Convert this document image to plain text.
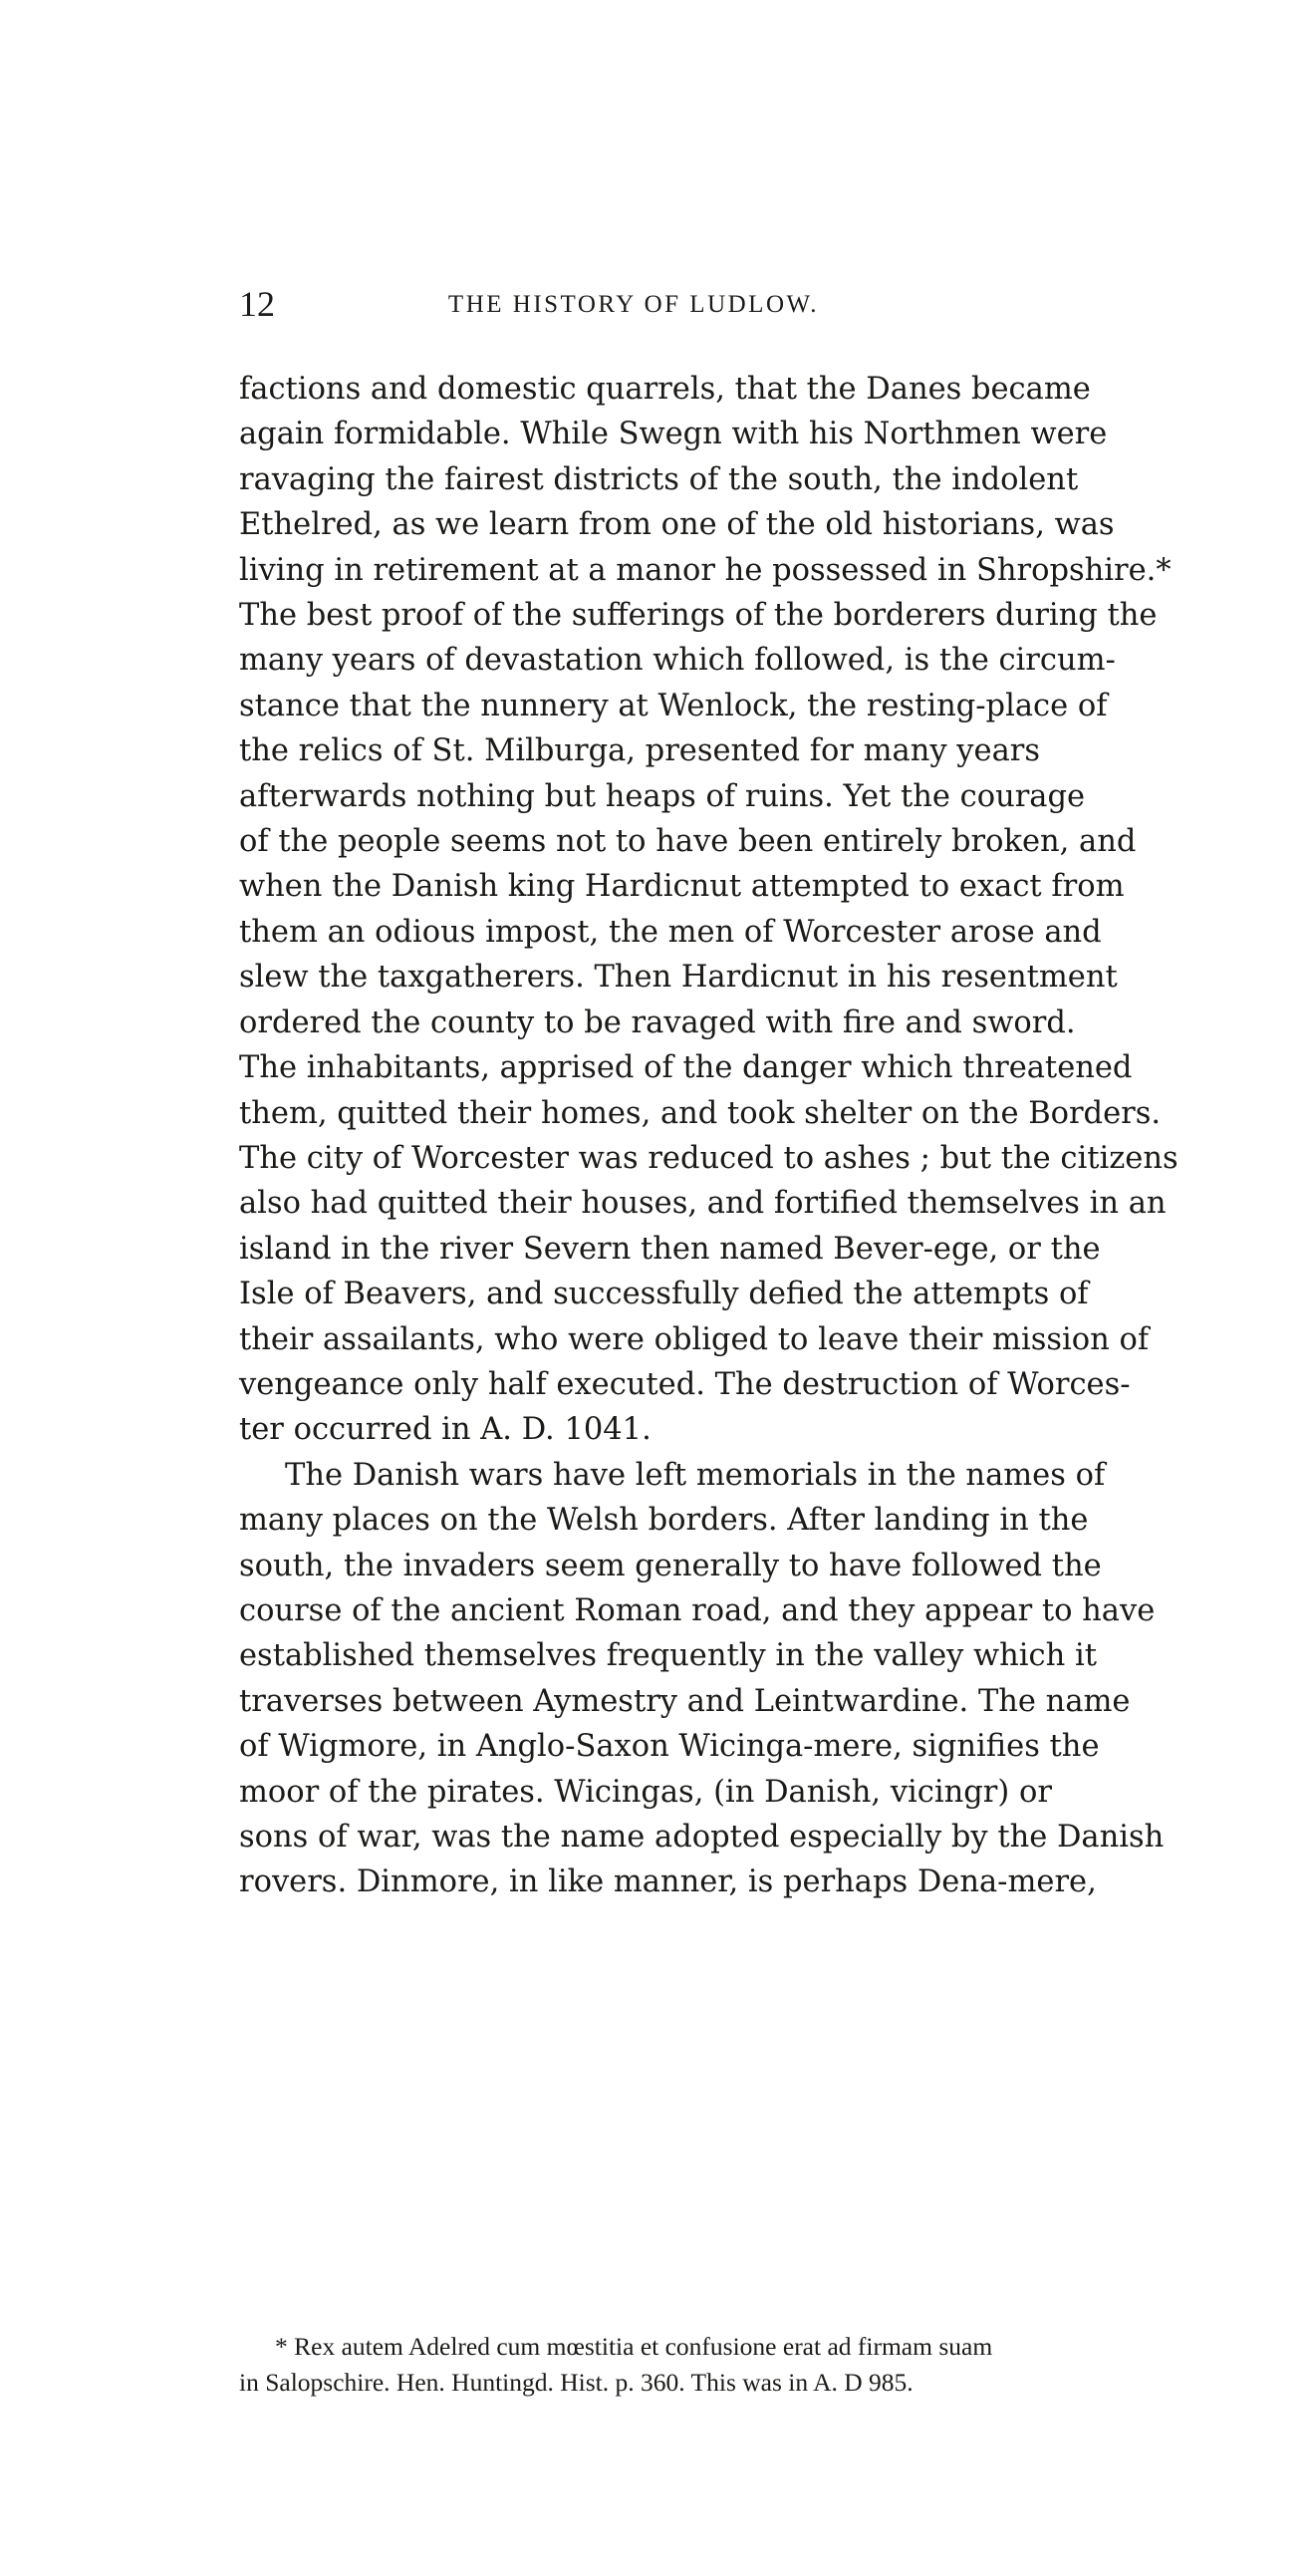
12	THE HISTORY OF LUDLOW.
factions and domestic quarrels, that the Danes became
again formidable. While Swegn with his Northmen were
ravaging the fairest districts of the south, the indolent
Ethelred, as we learn from one of the old historians, was
living in retirement at a manor he possessed in Shropshire.*
The best proof of the sufferings of the borderers during the
many years of devastation which followed, is the circum-
stance that the nunnery at Wenlock, the resting-place of
the relics of St. Milburga, presented for many years
afterwards nothing but heaps of ruins. Yet the courage
of the people seems not to have been entirely broken, and
when the Danish king Hardicnut attempted to exact from
them an odious impost, the men of Worcester arose and
slew the taxgatherers. Then Hardicnut in his resentment
ordered the county to be ravaged with fire and sword.
The inhabitants, apprised of the danger which threatened
them, quitted their homes, and took shelter on the Borders.
The city of Worcester was reduced to ashes ; but the citizens
also had quitted their houses, and fortified themselves in an
island in the river Severn then named Bever-ege, or the
Isle of Beavers, and successfully defied the attempts of
their assailants, who were obliged to leave their mission of
vengeance only half executed. The destruction of Worces-
ter occurred in A. D. 1041.
The Danish wars have left memorials in the names of
many places on the Welsh borders. After landing in the
south, the invaders seem generally to have followed the
course of the ancient Roman road, and they appear to have
established themselves frequently in the valley which it
traverses between Aymestry and Leintwardine. The name
of Wigmore, in Anglo-Saxon Wicinga-mere, signifies the
moor of the pirates. Wicingas, (in Danish, vicingr) or
sons of war, was the name adopted especially by the Danish
rovers. Dinmore, in like manner, is perhaps Dena-mere,
* Rex autem Adelred cum mœstitia et confusione erat ad firmam suam
in Salopschire. Hen. Huntingd. Hist. p. 360. This was in A. D 985.
